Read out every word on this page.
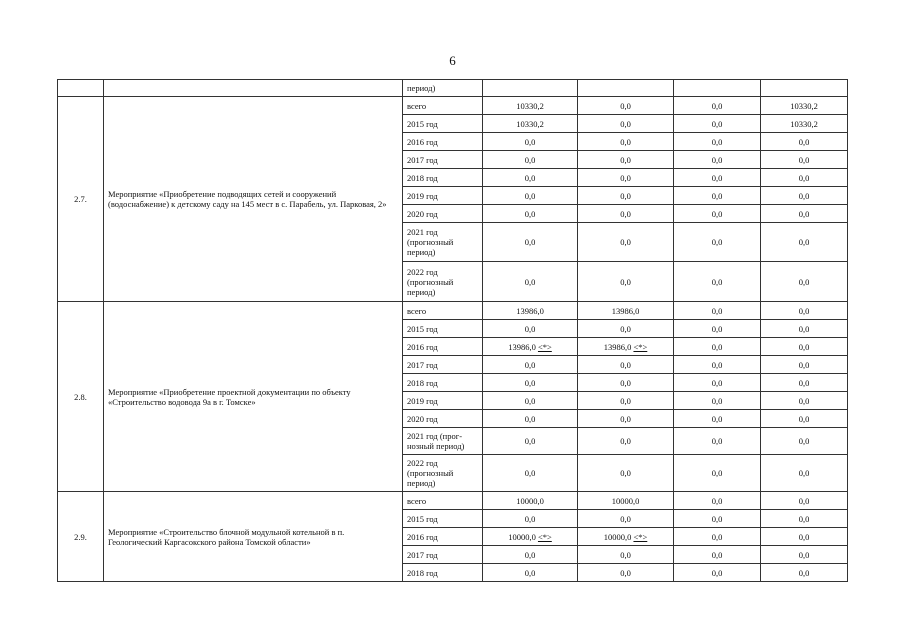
6
		период)				
2.7.	Мероприятие «Приобретение подводящих сетей и сооружений (водоснабжение) к детскому саду на 145 мест в с. Парабель, ул. Парковая, 2»	всего	10330,2	0,0	0,0	10330,2
		2015 год	10330,2	0,0	0,0	10330,2
		2016 год	0,0	0,0	0,0	0,0
		2017 год	0,0	0,0	0,0	0,0
		2018 год	0,0	0,0	0,0	0,0
		2019 год	0,0	0,0	0,0	0,0
		2020 год	0,0	0,0	0,0	0,0
		2021 год (прогнозный период)	0,0	0,0	0,0	0,0
		2022 год (прогнозный период)	0,0	0,0	0,0	0,0
2.8.	Мероприятие «Приобретение проектной документации по объекту «Строительство водовода 9а в г. Томске»	всего	13986,0	13986,0	0,0	0,0
		2015 год	0,0	0,0	0,0	0,0
		2016 год	13986,0 <*>	13986,0 <*>	0,0	0,0
		2017 год	0,0	0,0	0,0	0,0
		2018 год	0,0	0,0	0,0	0,0
		2019 год	0,0	0,0	0,0	0,0
		2020 год	0,0	0,0	0,0	0,0
		2021 год (прог-нозный период)	0,0	0,0	0,0	0,0
		2022 год (прогнозный период)	0,0	0,0	0,0	0,0
2.9.	Мероприятие «Строительство блочной модульной котельной в п. Геологический Каргасокского района Томской области»	всего	10000,0	10000,0	0,0	0,0
		2015 год	0,0	0,0	0,0	0,0
		2016 год	10000,0 <*>	10000,0 <*>	0,0	0,0
		2017 год	0,0	0,0	0,0	0,0
		2018 год	0,0	0,0	0,0	0,0
